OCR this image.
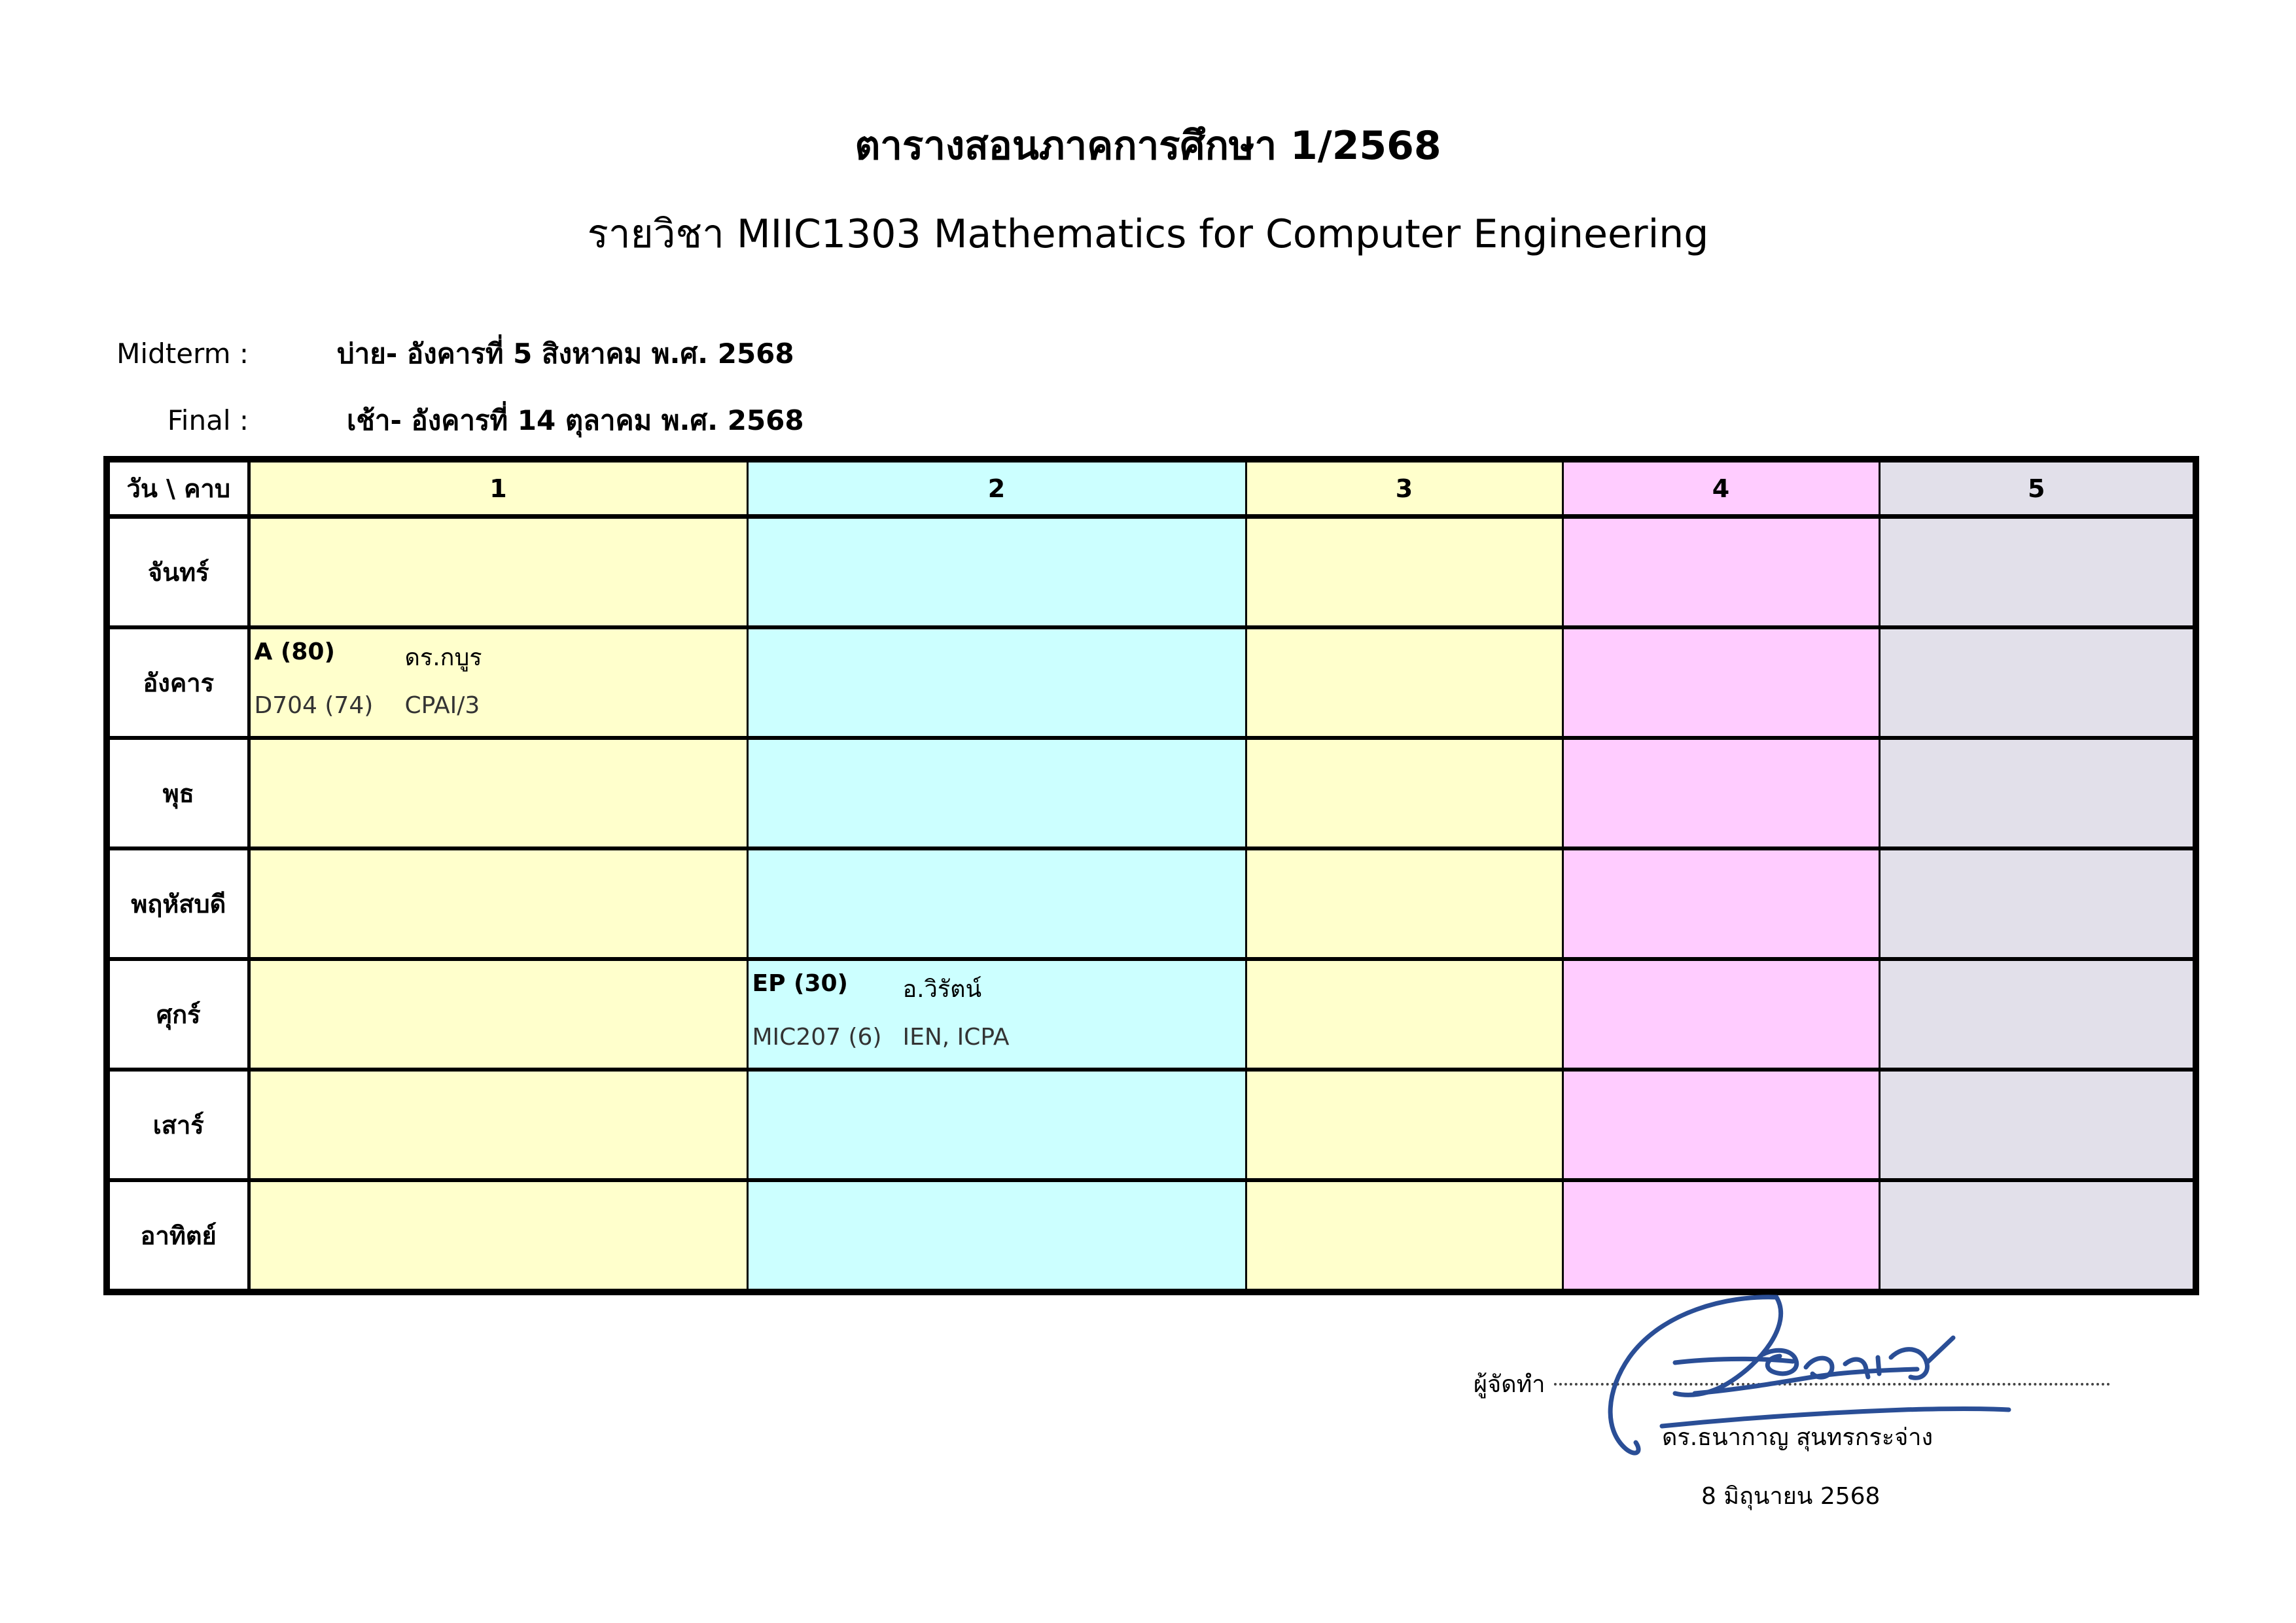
ตารางสอนภาคการศึกษา 1/2568
รายวิชา MIIC1303 Mathematics for Computer Engineering
Midterm :	บ่าย- อังคารที่ 5 สิงหาคม พ.ศ. 2568
Final :	เช้า- อังคารที่ 14 ตุลาคม พ.ศ. 2568
วัน \ คาบ	1	2	3	4	5
จันทร์					
อังคาร	A (80) ดร.กบูร
D704 (74) CPAI/3				

พุธ					
พฤหัสบดี					
ศุกร์		EP (30) อ.วิรัตน์
MIC207 (6) IEN, ICPA			

เสาร์					
อาทิตย์					
ผู้จัดทำ
ดร.ธนากาญ สุนทรกระจ่าง
8 มิถุนายน 2568
